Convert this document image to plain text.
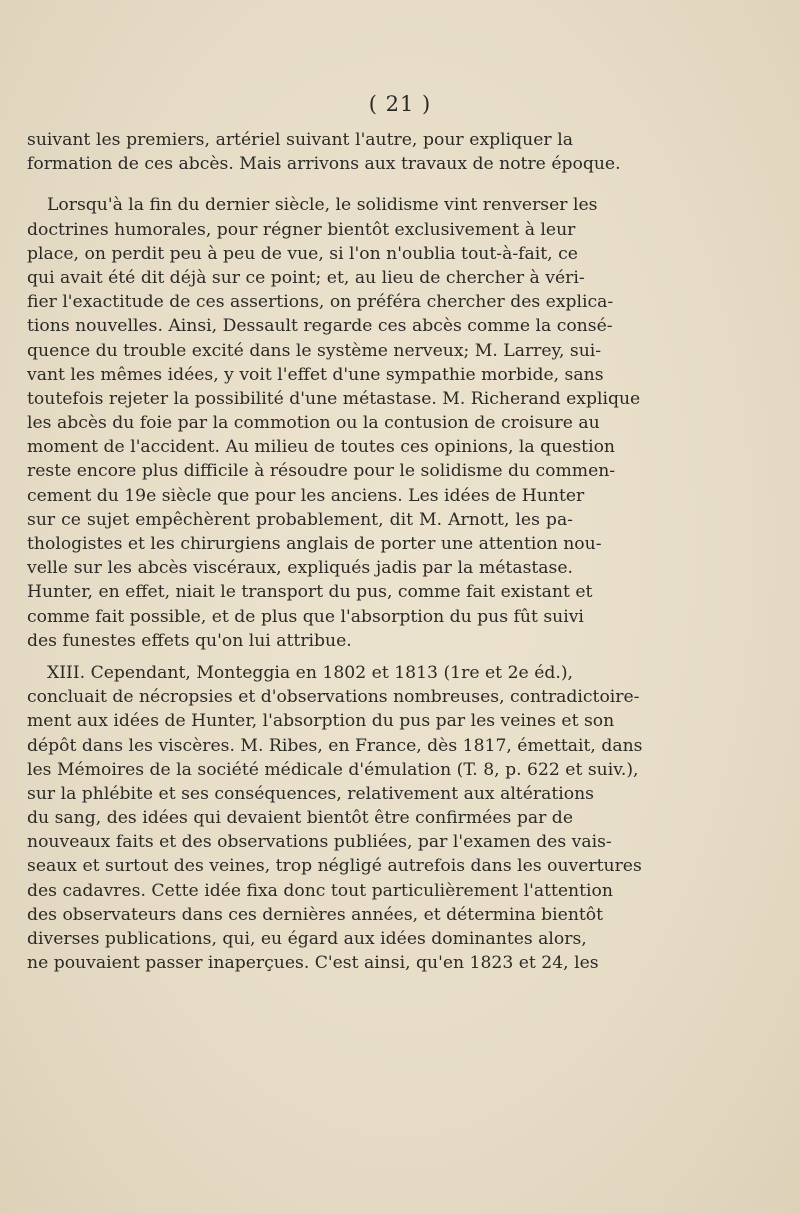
( 21 )
suivant les premiers, artériel suivant l'autre, pour expliquer la
formation de ces abcès. Mais arrivons aux travaux de notre époque.
Lorsqu'à la fin du dernier siècle, le solidisme vint renverser les
doctrines humorales, pour régner bientôt exclusivement à leur
place, on perdit peu à peu de vue, si l'on n'oublia tout-à-fait, ce
qui avait été dit déjà sur ce point; et, au lieu de chercher à véri-
fier l'exactitude de ces assertions, on préféra chercher des explica-
tions nouvelles. Ainsi, Dessault regarde ces abcès comme la consé-
quence du trouble excité dans le système nerveux; M. Larrey, sui-
vant les mêmes idées, y voit l'effet d'une sympathie morbide, sans
toutefois rejeter la possibilité d'une métastase. M. Richerand explique
les abcès du foie par la commotion ou la contusion de croisure au
moment de l'accident. Au milieu de toutes ces opinions, la question
reste encore plus difficile à résoudre pour le solidisme du commen-
cement du 19e siècle que pour les anciens. Les idées de Hunter
sur ce sujet empêchèrent probablement, dit M. Arnott, les pa-
thologistes et les chirurgiens anglais de porter une attention nou-
velle sur les abcès viscéraux, expliqués jadis par la métastase.
Hunter, en effet, niait le transport du pus, comme fait existant et
comme fait possible, et de plus que l'absorption du pus fût suivi
des funestes effets qu'on lui attribue.
XIII. Cependant, Monteggia en 1802 et 1813 (1re et 2e éd.),
concluait de nécropsies et d'observations nombreuses, contradictoire-
ment aux idées de Hunter, l'absorption du pus par les veines et son
dépôt dans les viscères. M. Ribes, en France, dès 1817, émettait, dans
les Mémoires de la société médicale d'émulation (T. 8, p. 622 et suiv.),
sur la phlébite et ses conséquences, relativement aux altérations
du sang, des idées qui devaient bientôt être confirmées par de
nouveaux faits et des observations publiées, par l'examen des vais-
seaux et surtout des veines, trop négligé autrefois dans les ouvertures
des cadavres. Cette idée fixa donc tout particulièrement l'attention
des observateurs dans ces dernières années, et détermina bientôt
diverses publications, qui, eu égard aux idées dominantes alors,
ne pouvaient passer inaperçues. C'est ainsi, qu'en 1823 et 24, les
